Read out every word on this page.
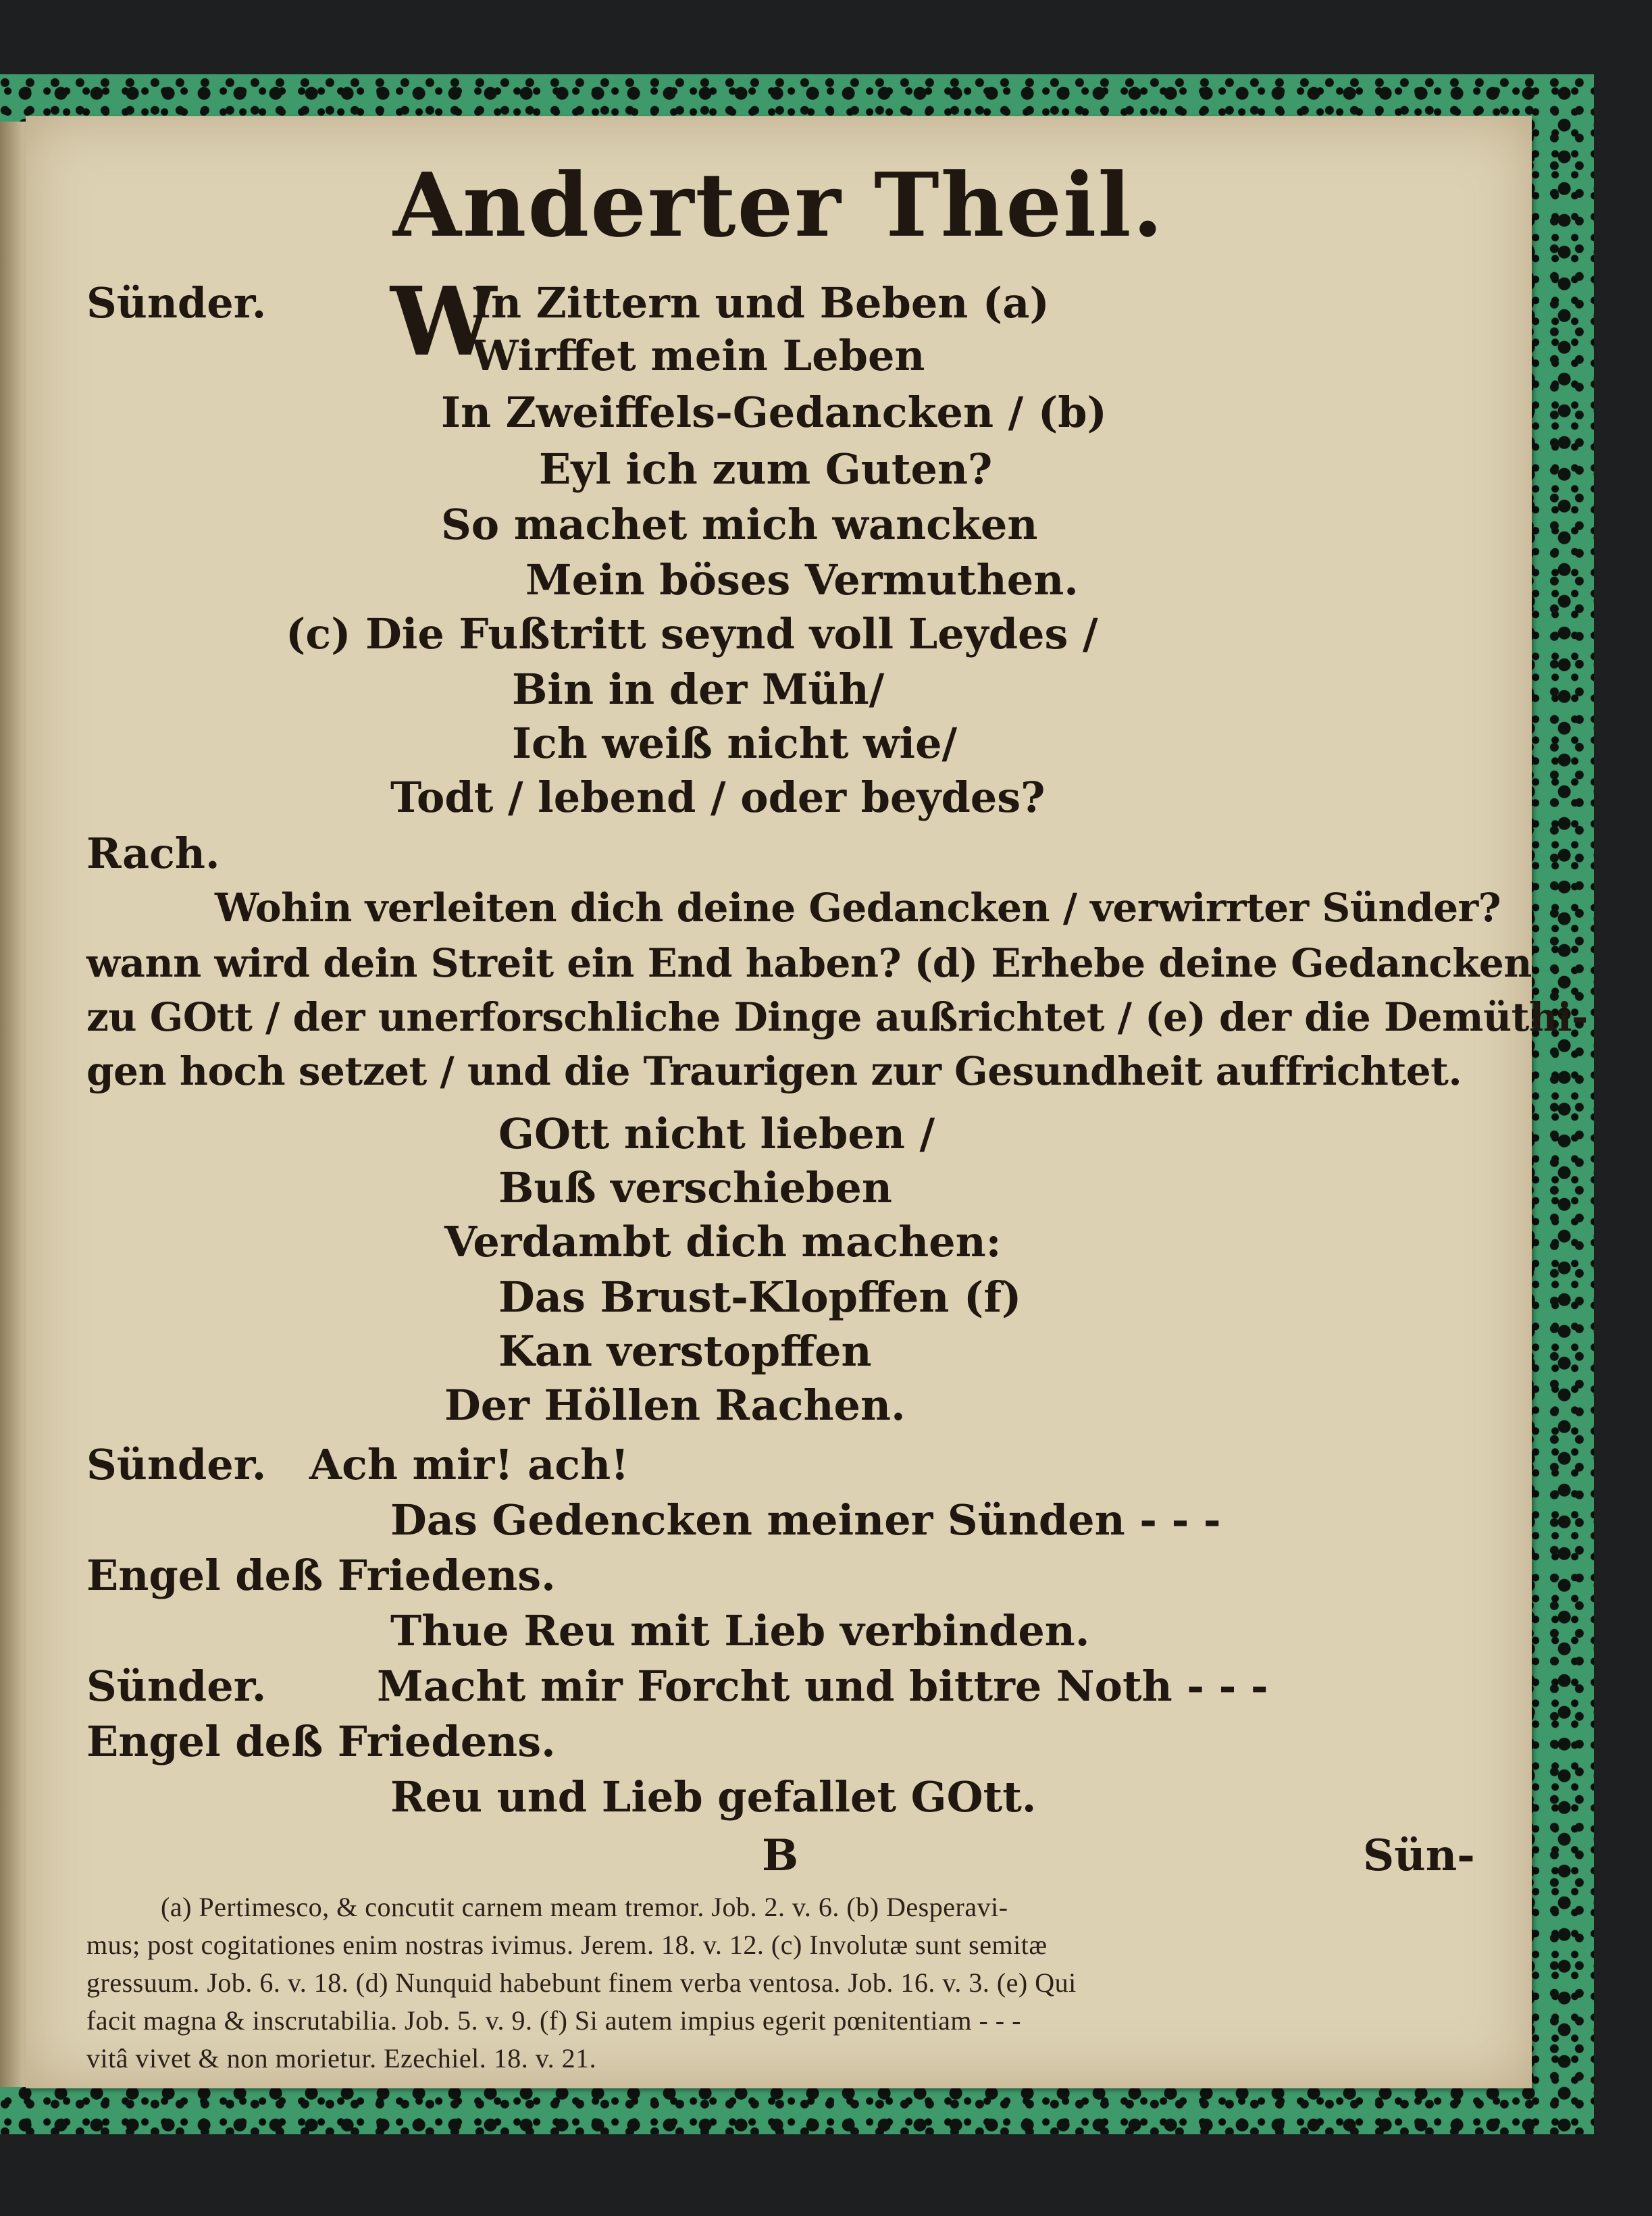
Anderter Theil.
Sünder. W
In Zittern und Beben (a)
Wirffet mein Leben
In Zweiffels-Gedancken / (b)
Eyl ich zum Guten?
So machet mich wancken
Mein böses Vermuthen.
(c) Die Fußtritt seynd voll Leydes /
Bin in der Müh/
Ich weiß nicht wie/
Todt / lebend / oder beydes?
Rach.
Wohin verleiten dich deine Gedancken / verwirrter Sünder?
wann wird dein Streit ein End haben? (d) Erhebe deine Gedancken
zu GOtt / der unerforschliche Dinge außrichtet / (e) der die Demüthi-
gen hoch setzet / und die Traurigen zur Gesundheit auffrichtet.
GOtt nicht lieben /
Buß verschieben
Verdambt dich machen:
Das Brust-Klopffen (f)
Kan verstopffen
Der Höllen Rachen.
Sünder. Ach mir! ach!
Das Gedencken meiner Sünden - - -
Engel deß Friedens.
Thue Reu mit Lieb verbinden.
Sünder.	Macht mir Forcht und bittre Noth - - -
Engel deß Friedens.
Reu und Lieb gefallet GOtt.
B	Sün-
(a) Pertimesco, & concutit carnem meam tremor. Job. 2. v. 6. (b) Desperavi-
mus; post cogitationes enim nostras ivimus. Jerem. 18. v. 12. (c) Involutæ sunt semitæ
gressuum. Job. 6. v. 18. (d) Nunquid habebunt finem verba ventosa. Job. 16. v. 3. (e) Qui
facit magna & inscrutabilia. Job. 5. v. 9. (f) Si autem impius egerit pœnitentiam - - -
vitâ vivet & non morietur. Ezechiel. 18. v. 21.
